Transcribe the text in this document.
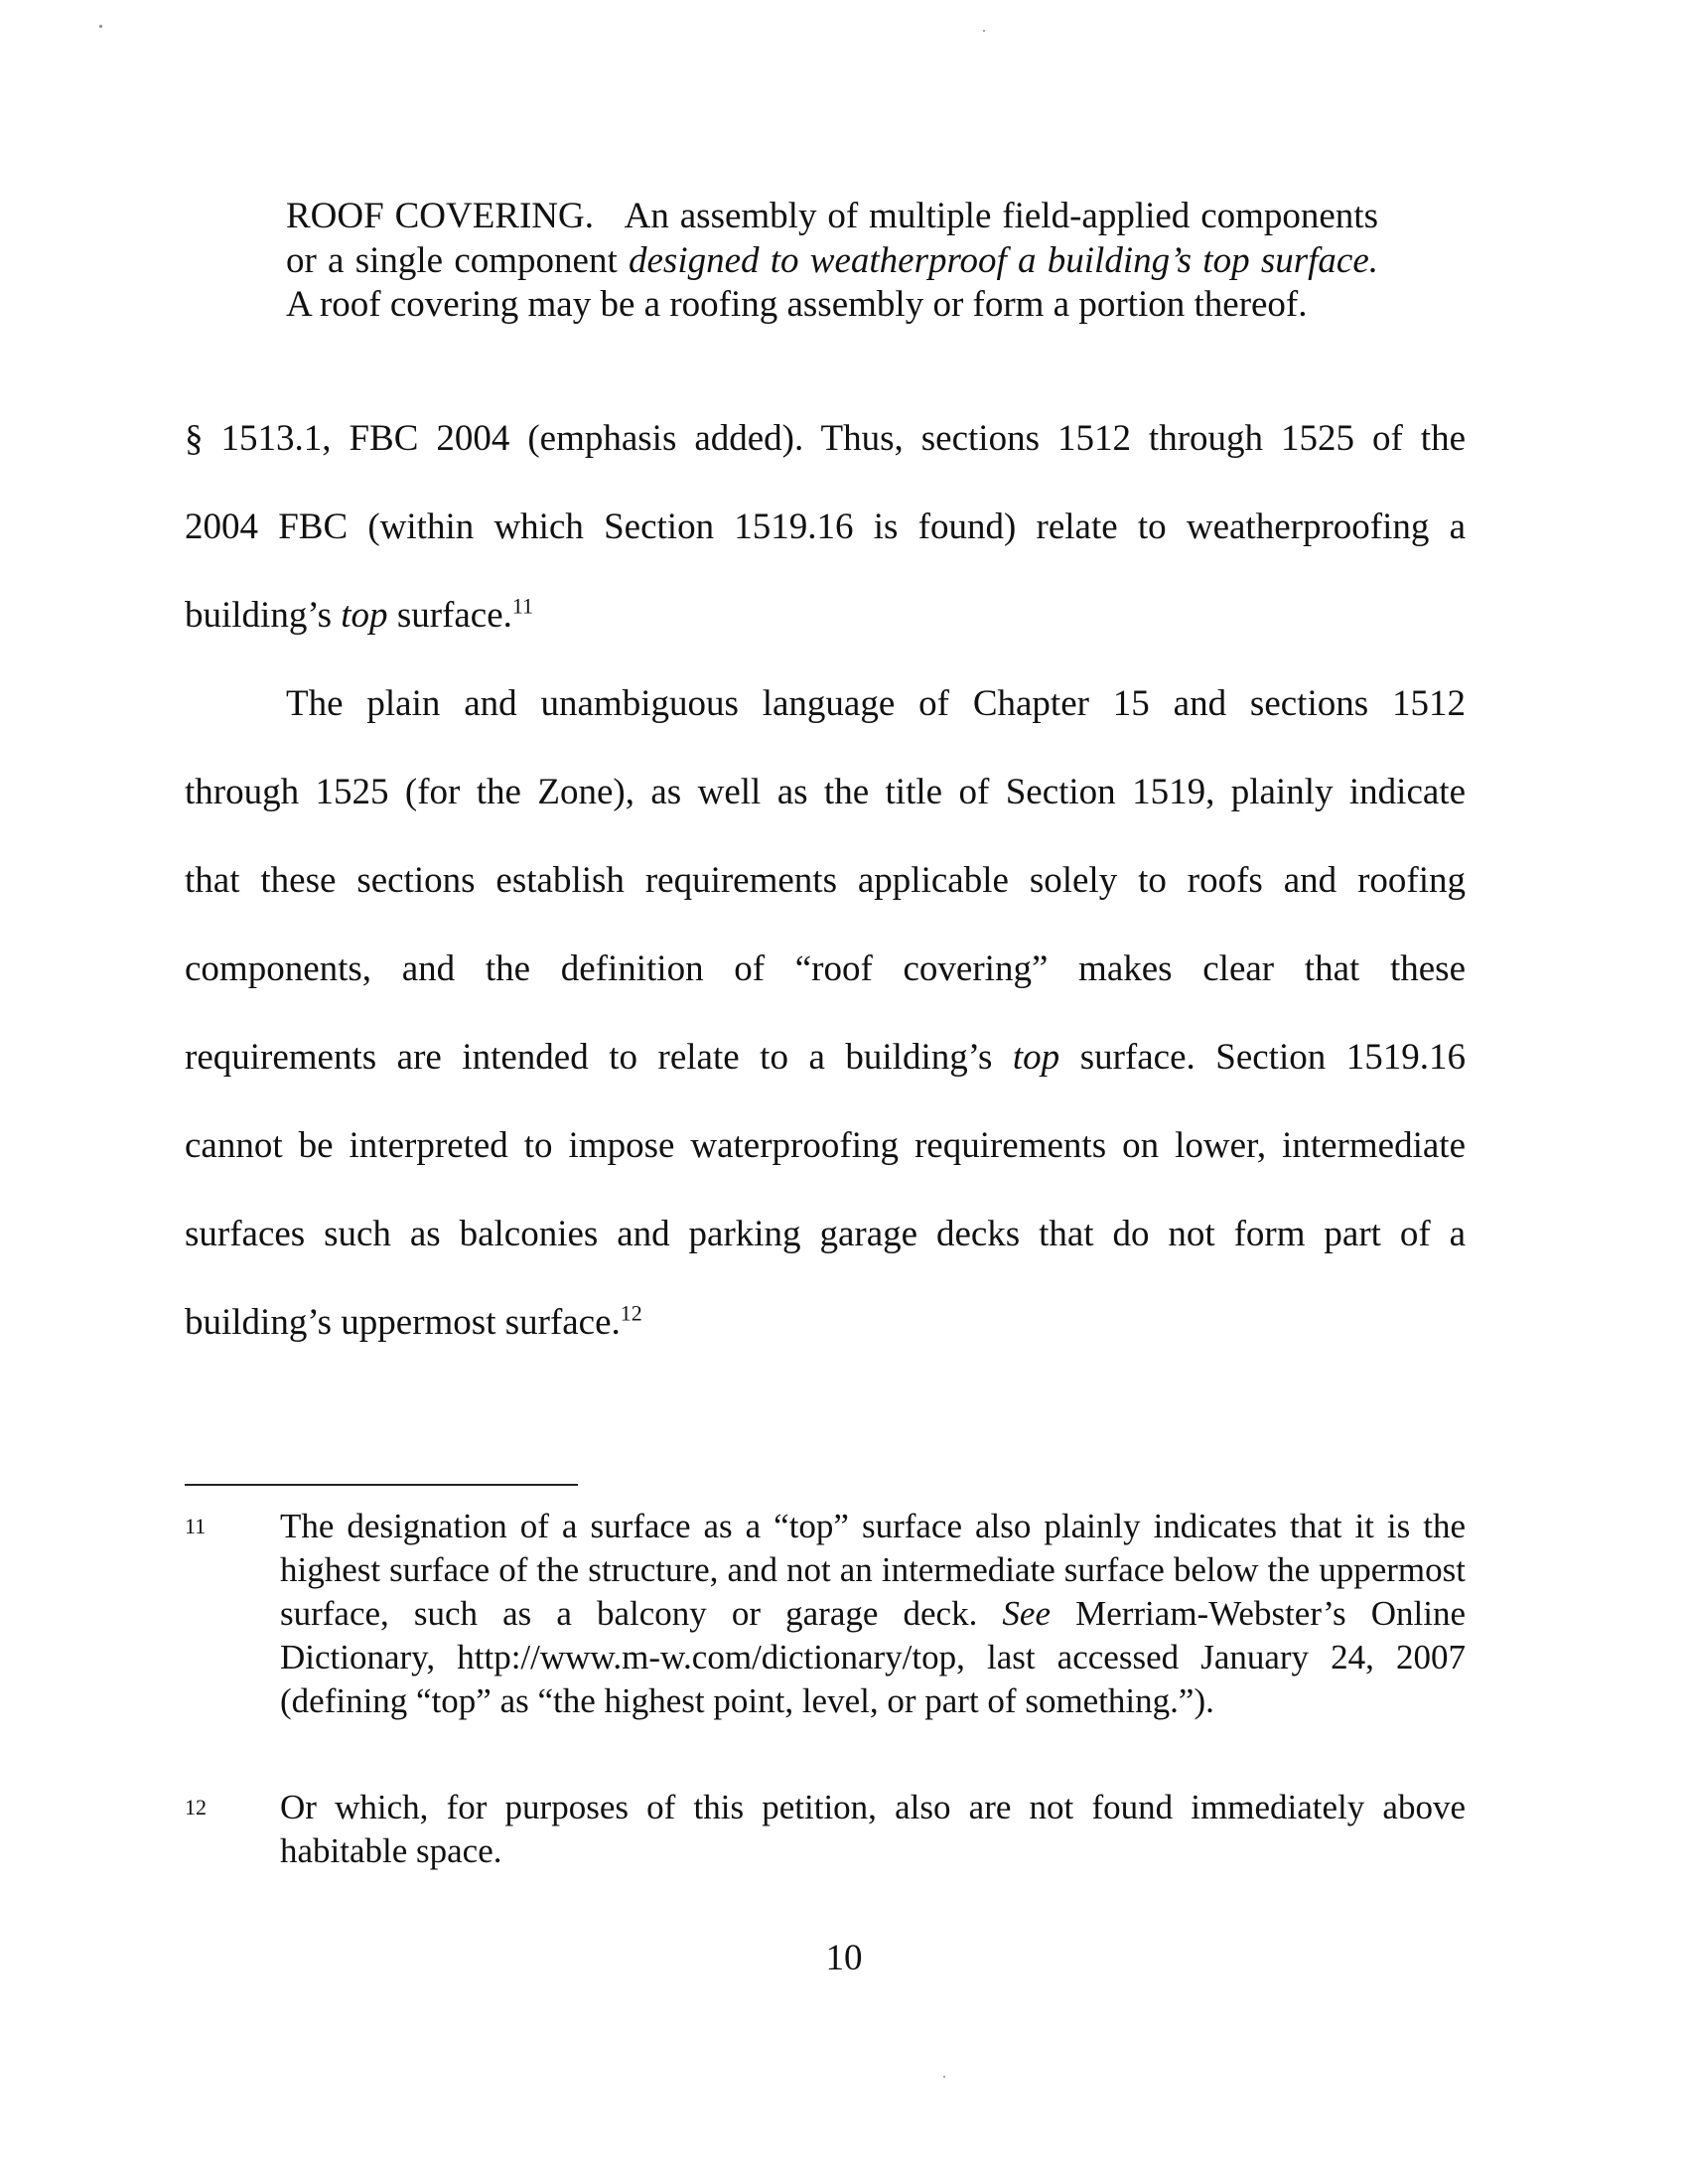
ROOF COVERING. An assembly of multiple field-applied components or a single component designed to weatherproof a building’s top surface. A roof covering may be a roofing assembly or form a portion thereof.
§ 1513.1, FBC 2004 (emphasis added). Thus, sections 1512 through 1525 of the
2004 FBC (within which Section 1519.16 is found) relate to weatherproofing a
building’s top surface.$^{11}$
The plain and unambiguous language of Chapter 15 and sections 1512
through 1525 (for the Zone), as well as the title of Section 1519, plainly indicate
that these sections establish requirements applicable solely to roofs and roofing
components, and the definition of “roof covering” makes clear that these
requirements are intended to relate to a building’s top surface. Section 1519.16
cannot be interpreted to impose waterproofing requirements on lower, intermediate
surfaces such as balconies and parking garage decks that do not form part of a
building’s uppermost surface.$^{12}$
11 The designation of a surface as a “top” surface also plainly indicates that it is the highest surface of the structure, and not an intermediate surface below the uppermost surface, such as a balcony or garage deck. See Merriam-Webster’s Online Dictionary, http://www.m-w.com/dictionary/top, last accessed January 24, 2007 (defining “top” as “the highest point, level, or part of something.”).
12 Or which, for purposes of this petition, also are not found immediately above habitable space.
10
